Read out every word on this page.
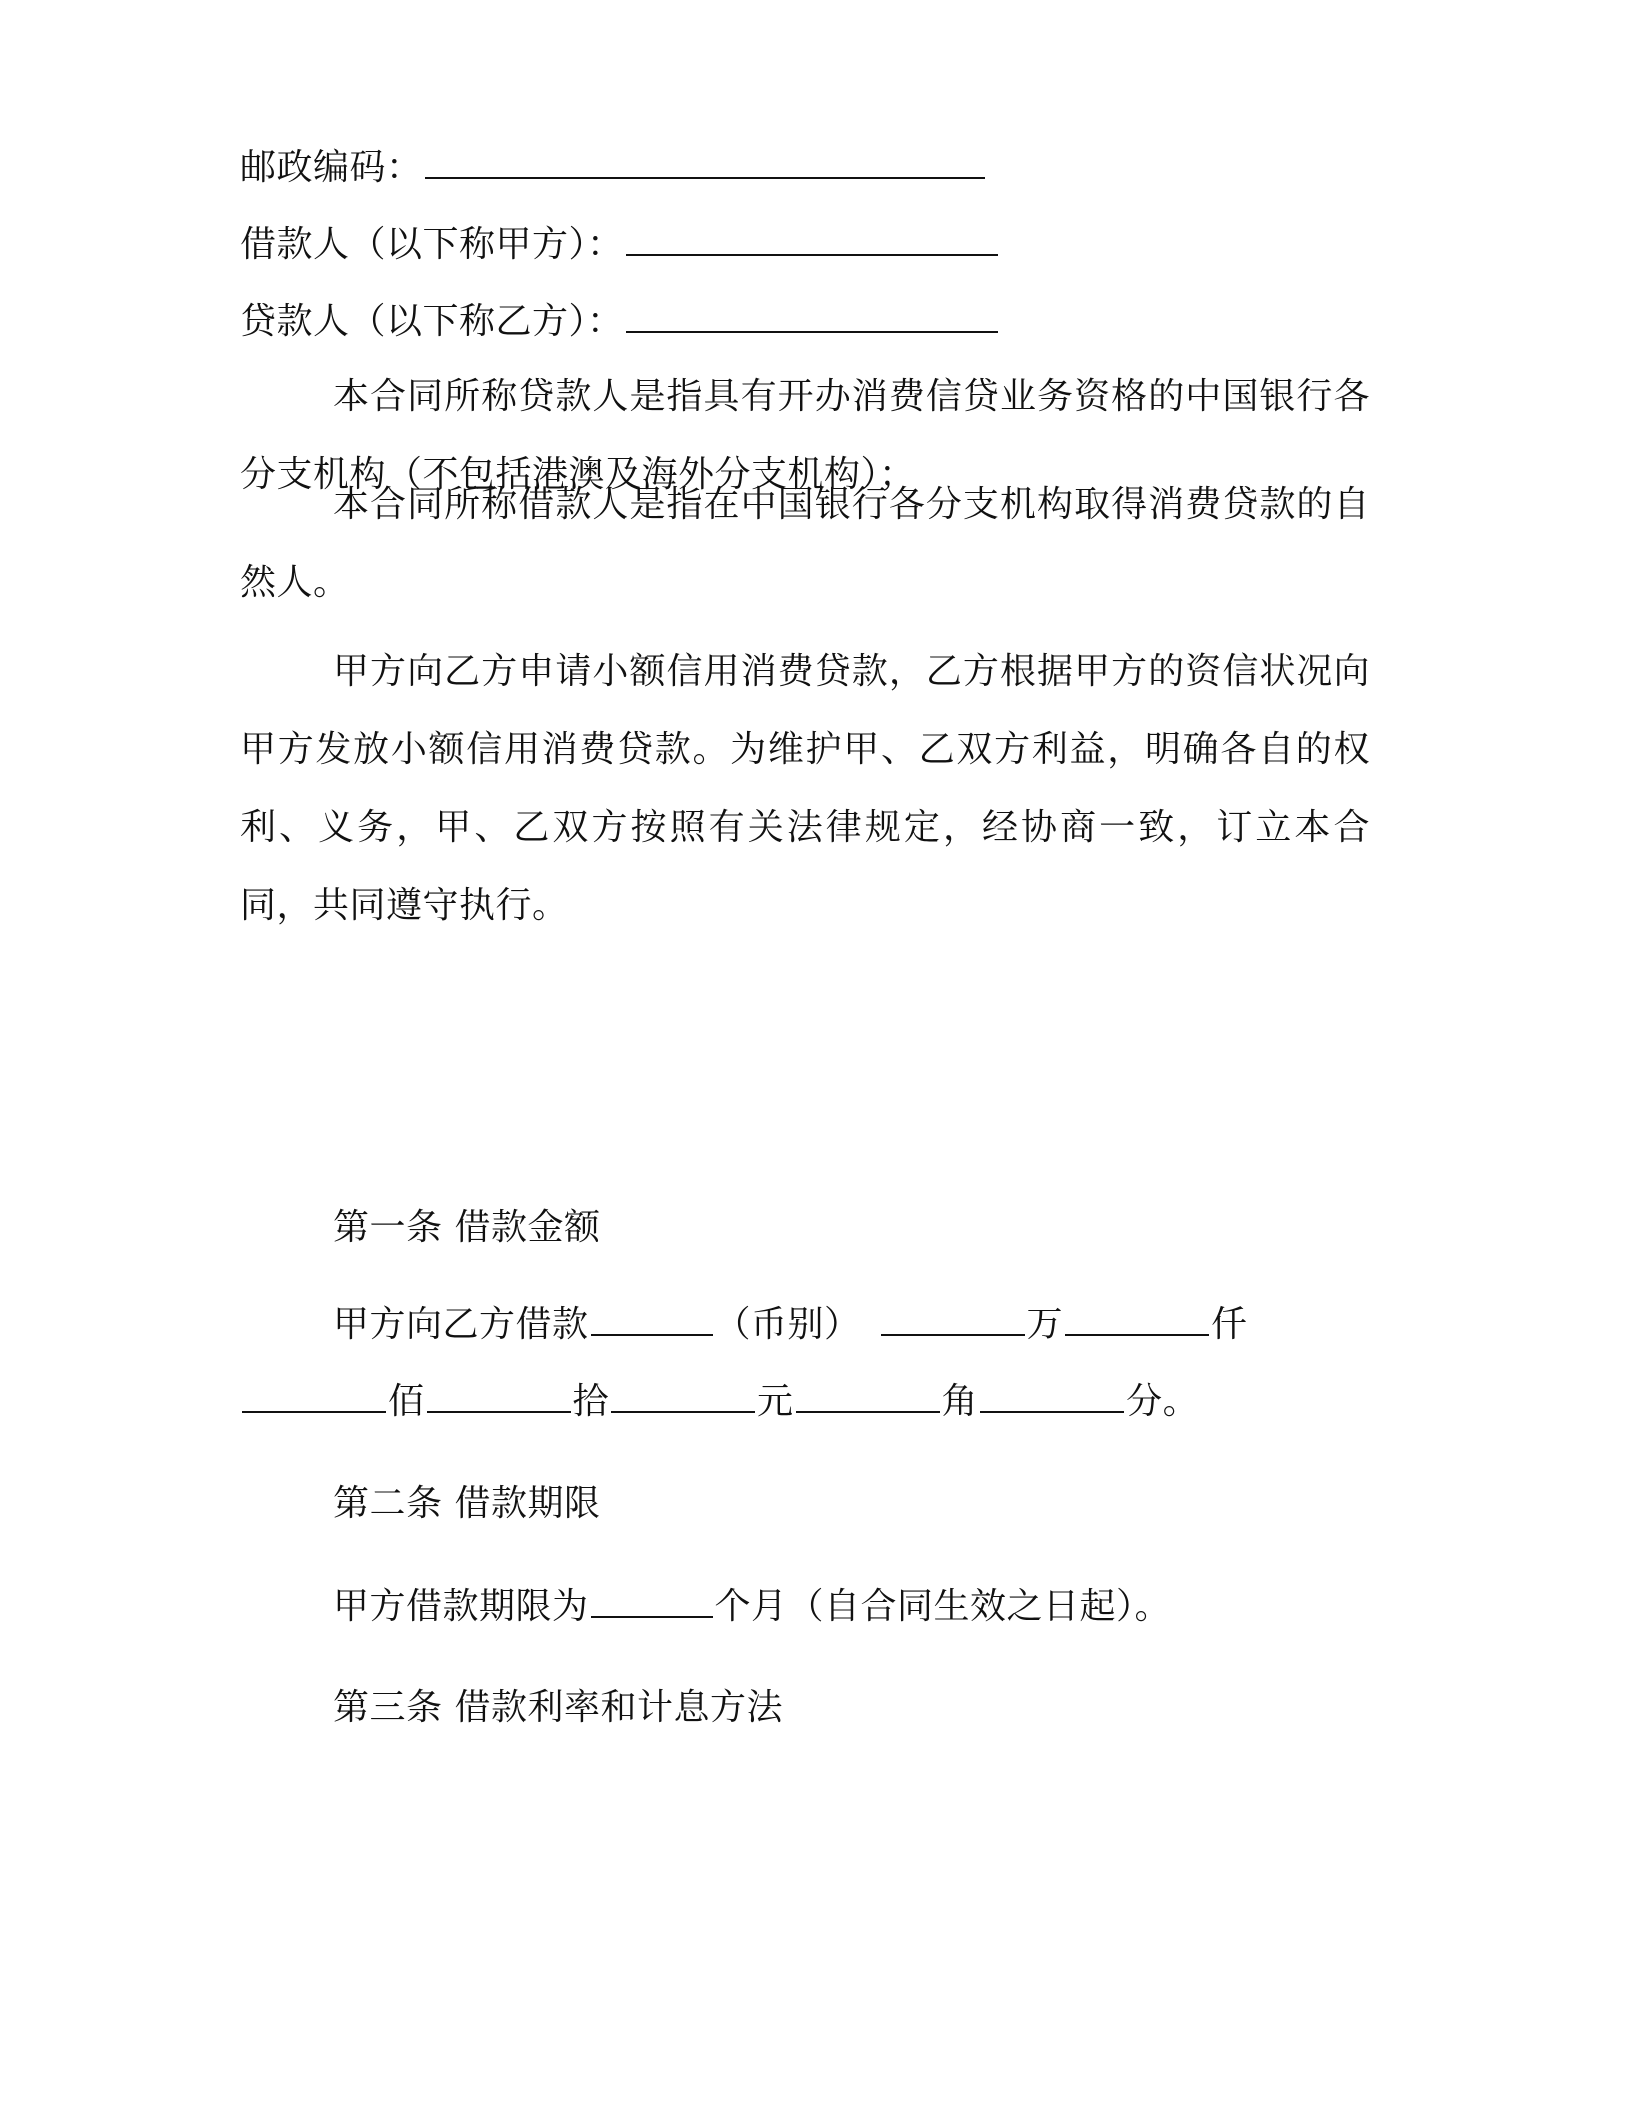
邮政编码：
借款人（以下称甲方）：
贷款人（以下称乙方）：
本合同所称贷款人是指具有开办消费信贷业务资格的中国银行各分支机构（不包括港澳及海外分支机构）；
本合同所称借款人是指在中国银行各分支机构取得消费贷款的自然人。
甲方向乙方申请小额信用消费贷款，乙方根据甲方的资信状况向甲方发放小额信用消费贷款。为维护甲、乙双方利益，明确各自的权利、义务，甲、乙双方按照有关法律规定，经协商一致，订立本合同，共同遵守执行。
第一条 借款金额
甲方向乙方借款	（币别）	万	仟
佰	拾	元	角	分。
第二条 借款期限
甲方借款期限为	个月（自合同生效之日起）。
第三条 借款利率和计息方法
